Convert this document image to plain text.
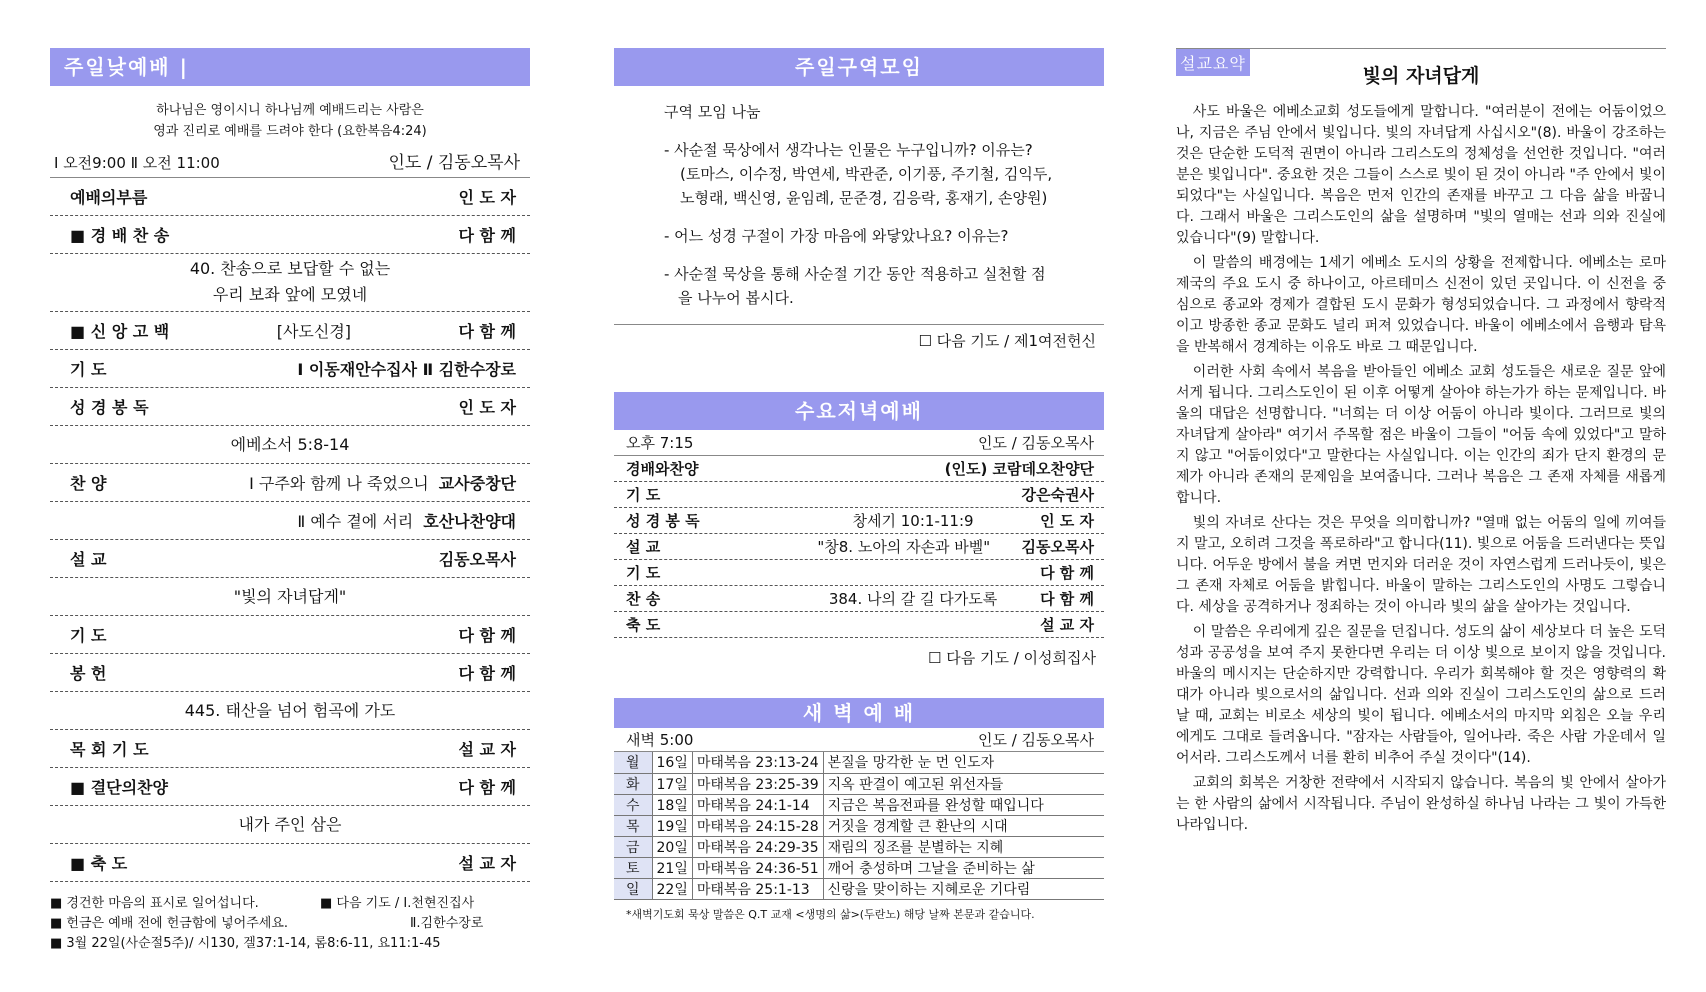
주일낮예배 |
하나님은 영이시니 하나님께 예배드리는 사람은
영과 진리로 예배를 드려야 한다 (요한복음4:24)
Ⅰ 오전9:00 Ⅱ 오전 11:00	인도 / 김동오목사
예배의부름	인 도 자
■ 경 배 찬 송	다 함 께
40. 찬송으로 보답할 수 없는
우리 보좌 앞에 모였네
■ 신 앙 고 백	[사도신경]	다 함 께
기 도	Ⅰ 이동재안수집사 Ⅱ 김한수장로
성 경 봉 독	인 도 자
에베소서 5:8-14
찬 양	Ⅰ 구주와 함께 나 죽었으니 교사중창단
Ⅱ 예수 곁에 서리 호산나찬양대
설 교	김동오목사
"빛의 자녀답게"
기 도	다 함 께
봉 헌	다 함 께
445. 태산을 넘어 험곡에 가도
목 회 기 도	설 교 자
■ 결단의찬양	다 함 께
내가 주인 삼은
■ 축 도	설 교 자
■ 경건한 마음의 표시로 일어섭니다.	■ 다음 기도 / Ⅰ.천현진집사
■ 헌금은 예배 전에 헌금함에 넣어주세요.	Ⅱ.김한수장로
■ 3월 22일(사순절5주)/ 시130, 겔37:1-14, 롬8:6-11, 요11:1-45
주일구역모임
구역 모임 나눔

- 사순절 묵상에서 생각나는 인물은 누구입니까? 이유는?
(토마스, 이수정, 박연세, 박관준, 이기풍, 주기철, 김익두,
노형래, 백신영, 윤임례, 문준경, 김응락, 홍재기, 손양원)

- 어느 성경 구절이 가장 마음에 와닿았나요? 이유는?

- 사순절 묵상을 통해 사순절 기간 동안 적용하고 실천할 점
을 나누어 봅시다.

☐ 다음 기도 / 제1여전헌신
수요저녁예배
오후 7:15	인도 / 김동오목사
경배와찬양	(인도) 코람데오찬양단
기 도	강은숙권사
성 경 봉 독	창세기 10:1-11:9	인 도 자
설 교	"창8. 노아의 자손과 바벨"	김동오목사
기 도	다 함 께
찬 송	384. 나의 갈 길 다가도록	다 함 께
축 도	설 교 자
☐ 다음 기도 / 이성희집사
새 벽 예 배
새벽 5:00	인도 / 김동오목사
월	16일	마태복음 23:13-24	본질을 망각한 눈 먼 인도자
화	17일	마태복음 23:25-39	지옥 판결이 예고된 위선자들
수	18일	마태복음 24:1-14	지금은 복음전파를 완성할 때입니다
목	19일	마태복음 24:15-28	거짓을 경계할 큰 환난의 시대
금	20일	마태복음 24:29-35	재림의 징조를 분별하는 지혜
토	21일	마태복음 24:36-51	깨어 충성하며 그날을 준비하는 삶
일	22일	마태복음 25:1-13	신랑을 맞이하는 지혜로운 기다림
*새벽기도회 묵상 말씀은 Q.T 교재 <생명의 삶>(두란노) 해당 날짜 본문과 같습니다.
설교요약
빛의 자녀답게

사도 바울은 에베소교회 성도들에게 말합니다. "여러분이 전에는 어둠이었으나, 지금은 주님 안에서 빛입니다. 빛의 자녀답게 사십시오"(8). 바울이 강조하는 것은 단순한 도덕적 권면이 아니라 그리스도의 정체성을 선언한 것입니다. "여러분은 빛입니다". 중요한 것은 그들이 스스로 빛이 된 것이 아니라 "주 안에서 빛이 되었다"는 사실입니다. 복음은 먼저 인간의 존재를 바꾸고 그 다음 삶을 바꿉니다. 그래서 바울은 그리스도인의 삶을 설명하며 "빛의 열매는 선과 의와 진실에 있습니다"(9) 말합니다.

이 말씀의 배경에는 1세기 에베소 도시의 상황을 전제합니다. 에베소는 로마 제국의 주요 도시 중 하나이고, 아르테미스 신전이 있던 곳입니다. 이 신전을 중심으로 종교와 경제가 결합된 도시 문화가 형성되었습니다. 그 과정에서 향락적이고 방종한 종교 문화도 널리 퍼져 있었습니다. 바울이 에베소에서 음행과 탐욕을 반복해서 경계하는 이유도 바로 그 때문입니다.

이러한 사회 속에서 복음을 받아들인 에베소 교회 성도들은 새로운 질문 앞에 서게 됩니다. 그리스도인이 된 이후 어떻게 살아야 하는가가 하는 문제입니다. 바울의 대답은 선명합니다. "너희는 더 이상 어둠이 아니라 빛이다. 그러므로 빛의 자녀답게 살아라" 여기서 주목할 점은 바울이 그들이 "어둠 속에 있었다"고 말하지 않고 "어둠이었다"고 말한다는 사실입니다. 이는 인간의 죄가 단지 환경의 문제가 아니라 존재의 문제임을 보여줍니다. 그러나 복음은 그 존재 자체를 새롭게 합니다.

빛의 자녀로 산다는 것은 무엇을 의미합니까? "열매 없는 어둠의 일에 끼여들지 말고, 오히려 그것을 폭로하라"고 합니다(11). 빛으로 어둠을 드러낸다는 뜻입니다. 어두운 방에서 불을 켜면 먼지와 더러운 것이 자연스럽게 드러나듯이, 빛은 그 존재 자체로 어둠을 밝힙니다. 바울이 말하는 그리스도인의 사명도 그렇습니다. 세상을 공격하거나 정죄하는 것이 아니라 빛의 삶을 살아가는 것입니다.

이 말씀은 우리에게 깊은 질문을 던집니다. 성도의 삶이 세상보다 더 높은 도덕성과 공공성을 보여 주지 못한다면 우리는 더 이상 빛으로 보이지 않을 것입니다. 바울의 메시지는 단순하지만 강력합니다. 우리가 회복해야 할 것은 영향력의 확대가 아니라 빛으로서의 삶입니다. 선과 의와 진실이 그리스도인의 삶으로 드러날 때, 교회는 비로소 세상의 빛이 됩니다. 에베소서의 마지막 외침은 오늘 우리에게도 그대로 들려옵니다. "잠자는 사람들아, 일어나라. 죽은 사람 가운데서 일어서라. 그리스도께서 너를 환히 비추어 주실 것이다"(14).

교회의 회복은 거창한 전략에서 시작되지 않습니다. 복음의 빛 안에서 살아가는 한 사람의 삶에서 시작됩니다. 주님이 완성하실 하나님 나라는 그 빛이 가득한 나라입니다.
